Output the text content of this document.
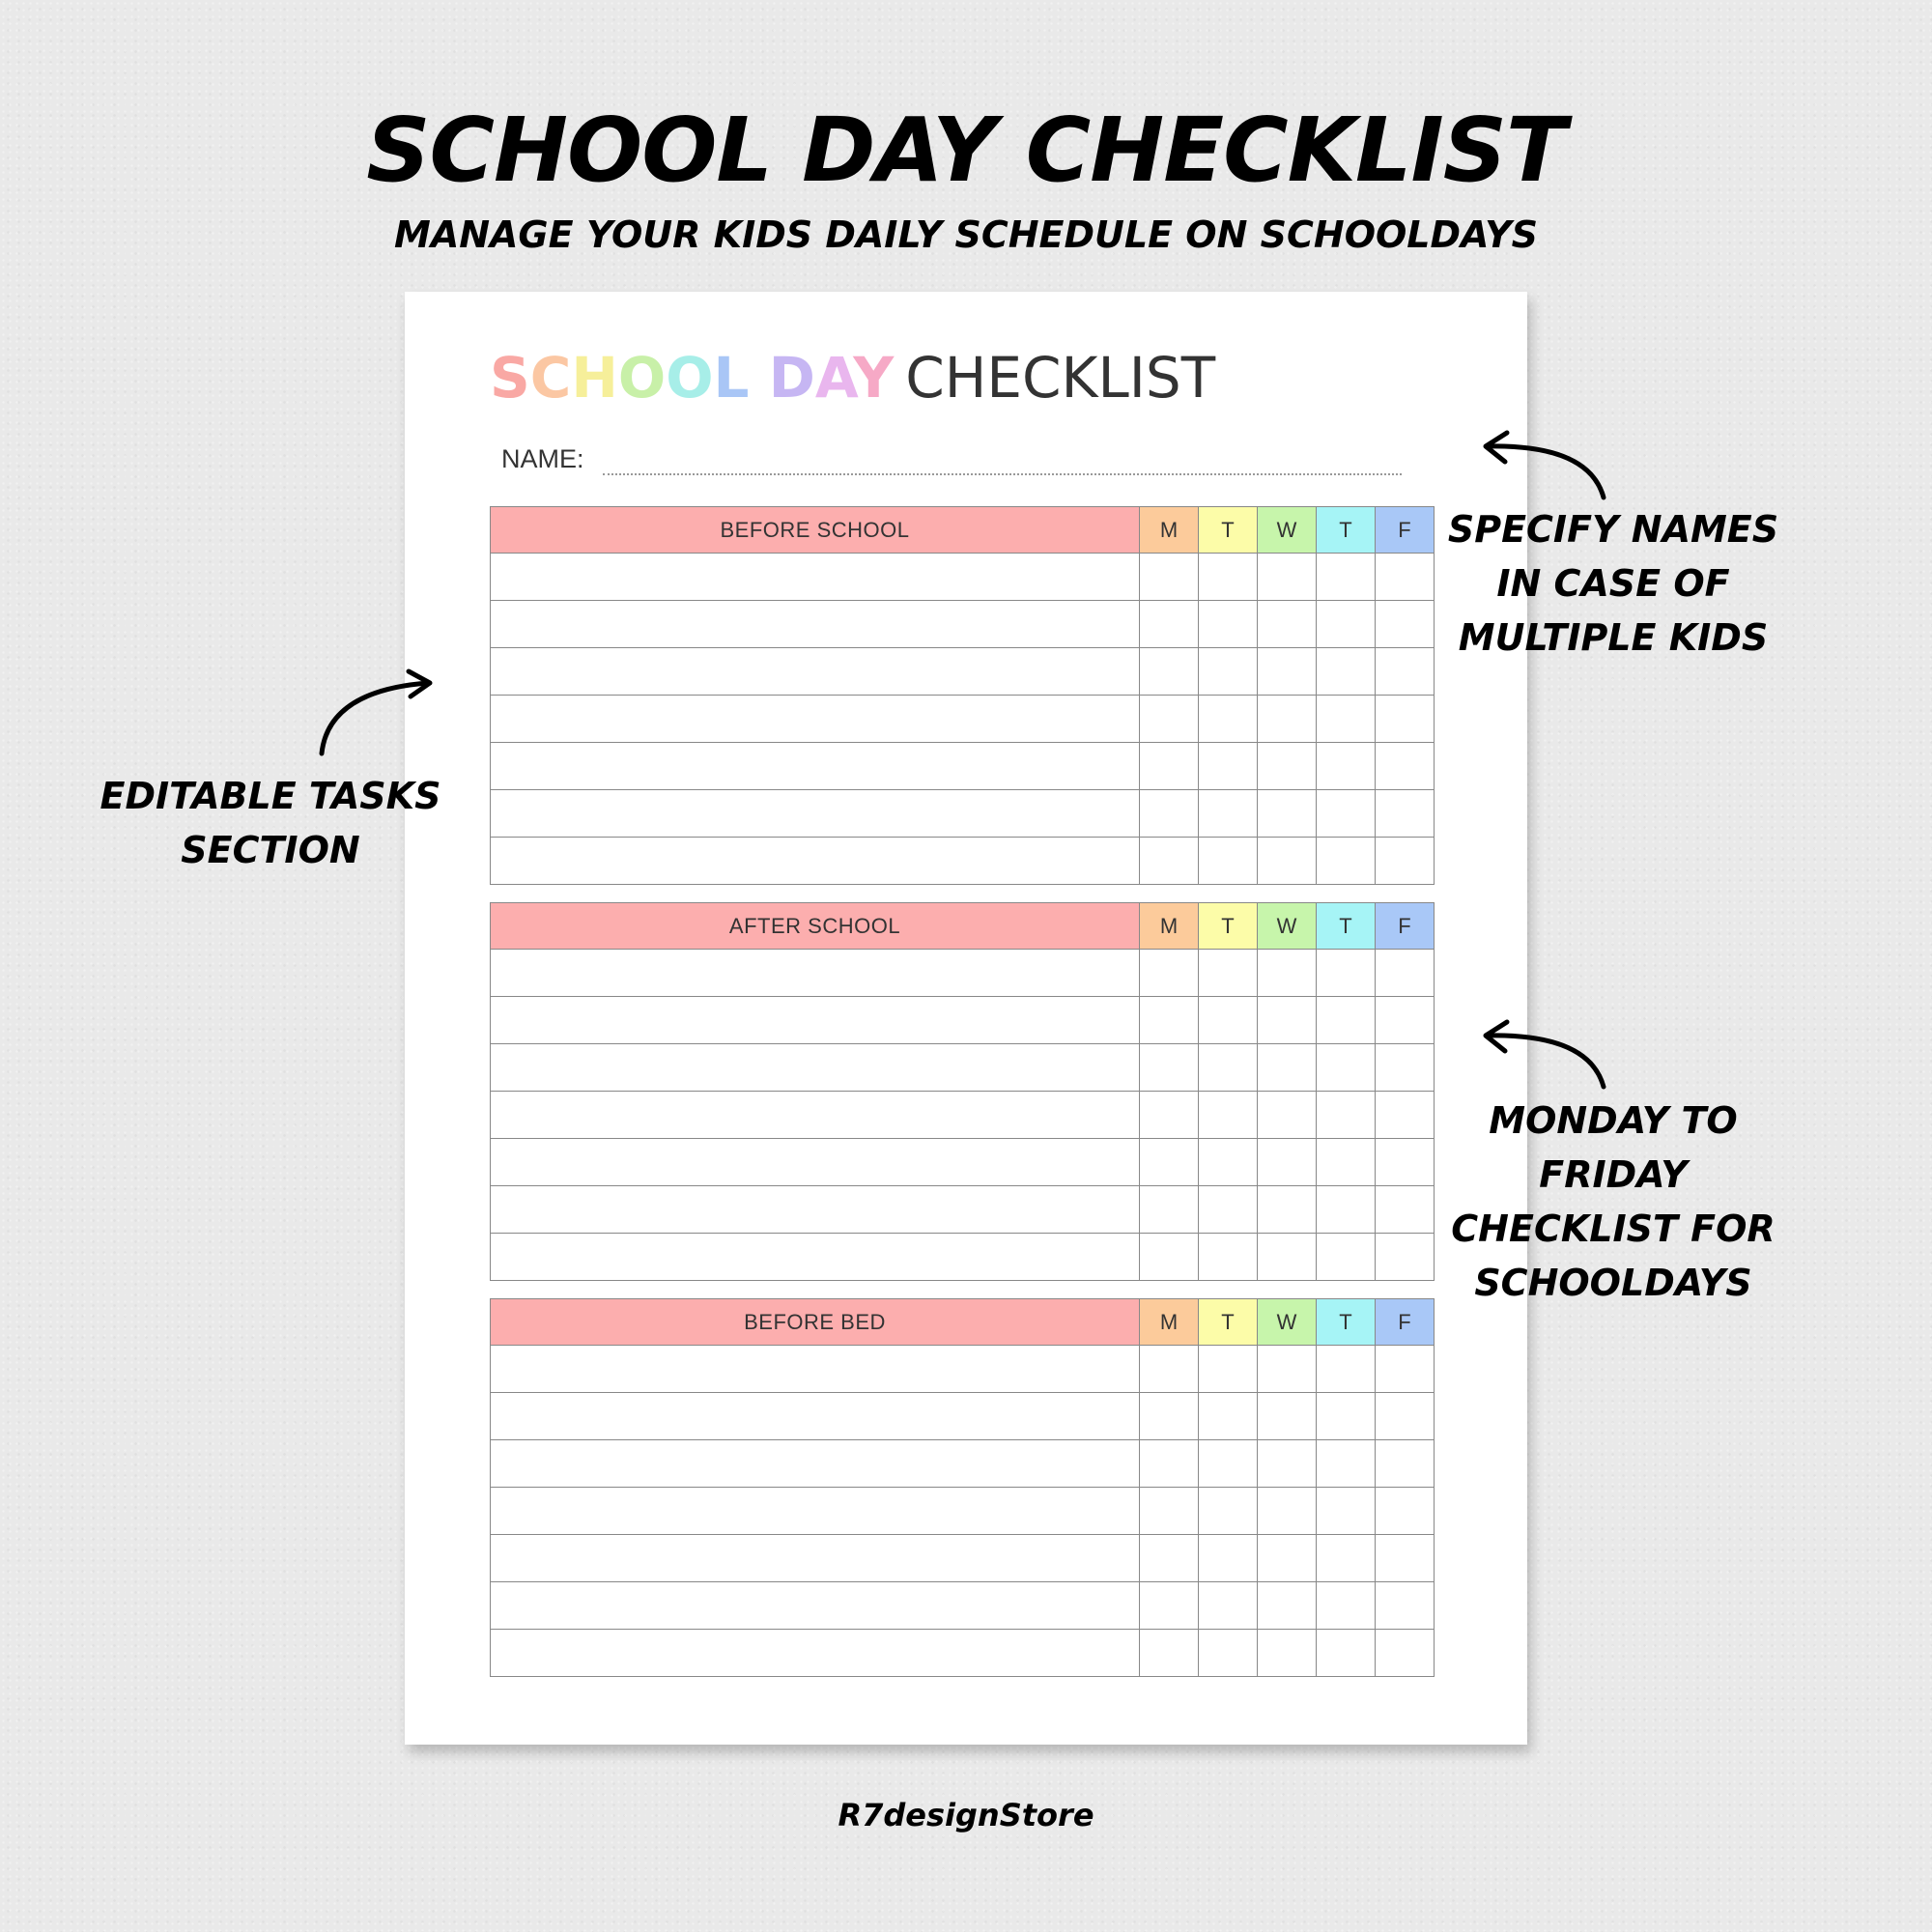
SCHOOL DAY CHECKLIST
MANAGE YOUR KIDS DAILY SCHEDULE ON SCHOOLDAYS
SCHOOL DAY CHECKLIST
NAME:
BEFORE SCHOOL	M	T	W	T	F
AFTER SCHOOL	M	T	W	T	F
BEFORE BED	M	T	W	T	F

SPECIFY NAMES
IN CASE OF
MULTIPLE KIDS

EDITABLE TASKS
SECTION

MONDAY TO
FRIDAY
CHECKLIST FOR
SCHOOLDAYS

R7designStore
